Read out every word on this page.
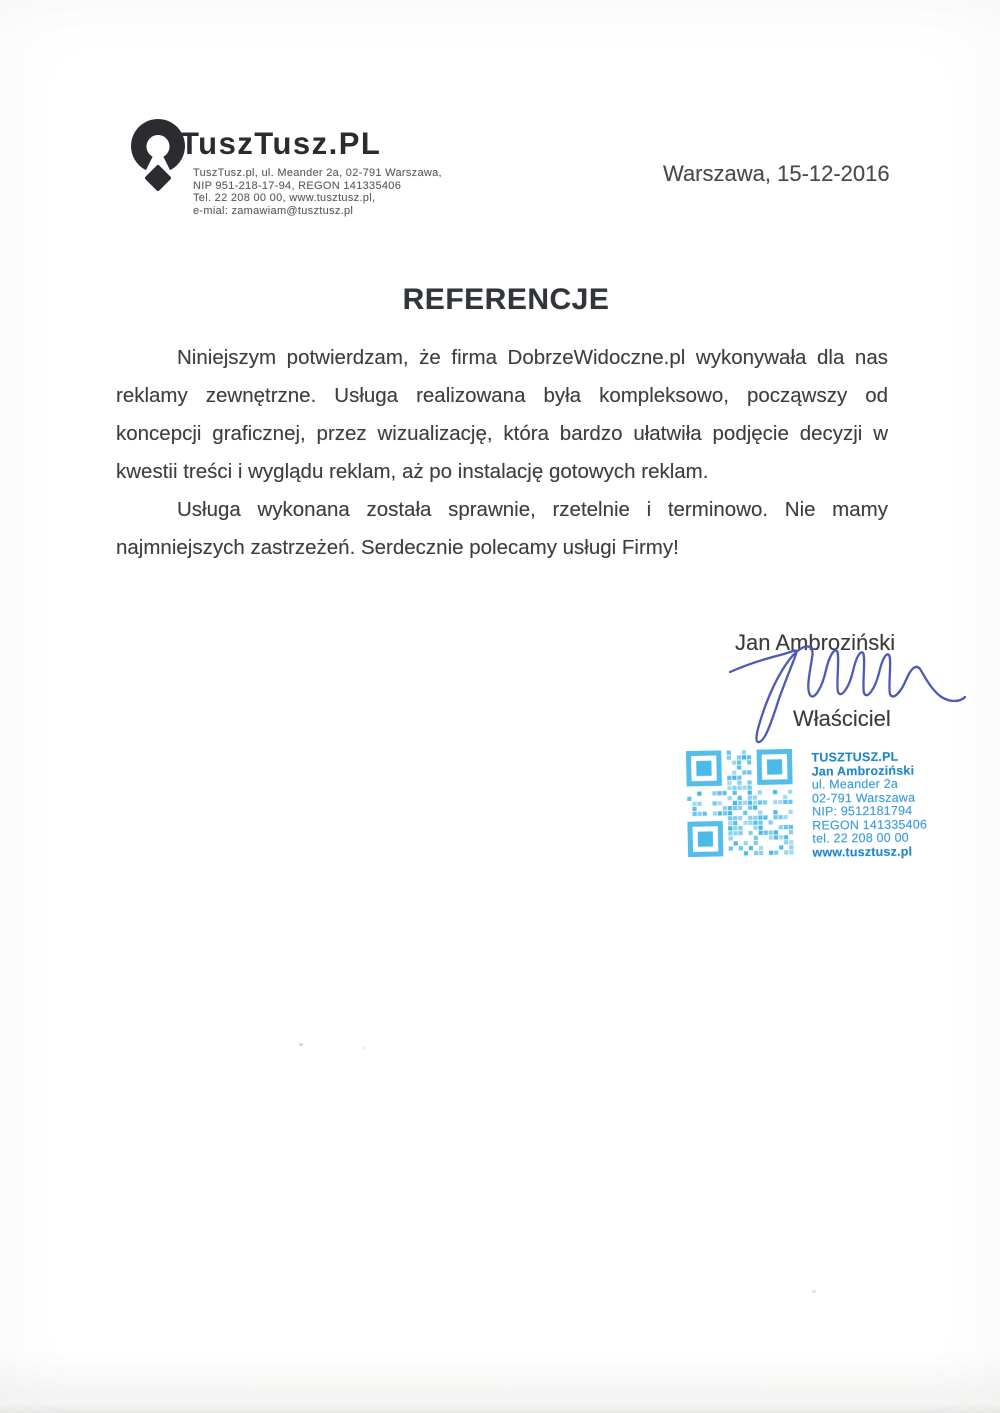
TuszTusz.PL
TuszTusz.pl, ul. Meander 2a, 02-791 Warszawa,
NIP 951-218-17-94, REGON 141335406
Tel. 22 208 00 00, www.tusztusz.pl,
e-mial: zamawiam@tusztusz.pl
Warszawa, 15-12-2016
REFERENCJE
Niniejszym potwierdzam, że firma DobrzeWidoczne.pl wykonywała dla nas
reklamy zewnętrzne. Usługa realizowana była kompleksowo, począwszy od
koncepcji graficznej, przez wizualizację, która bardzo ułatwiła podjęcie decyzji w
kwestii treści i wyglądu reklam, aż po instalację gotowych reklam.
Usługa wykonana została sprawnie, rzetelnie i terminowo. Nie mamy
najmniejszych zastrzeżeń. Serdecznie polecamy usługi Firmy!
Jan Ambroziński
Właściciel
TUSZTUSZ.PL
Jan Ambroziński
ul. Meander 2a
02-791 Warszawa
NIP: 9512181794
REGON 141335406
tel. 22 208 00 00
www.tusztusz.pl
